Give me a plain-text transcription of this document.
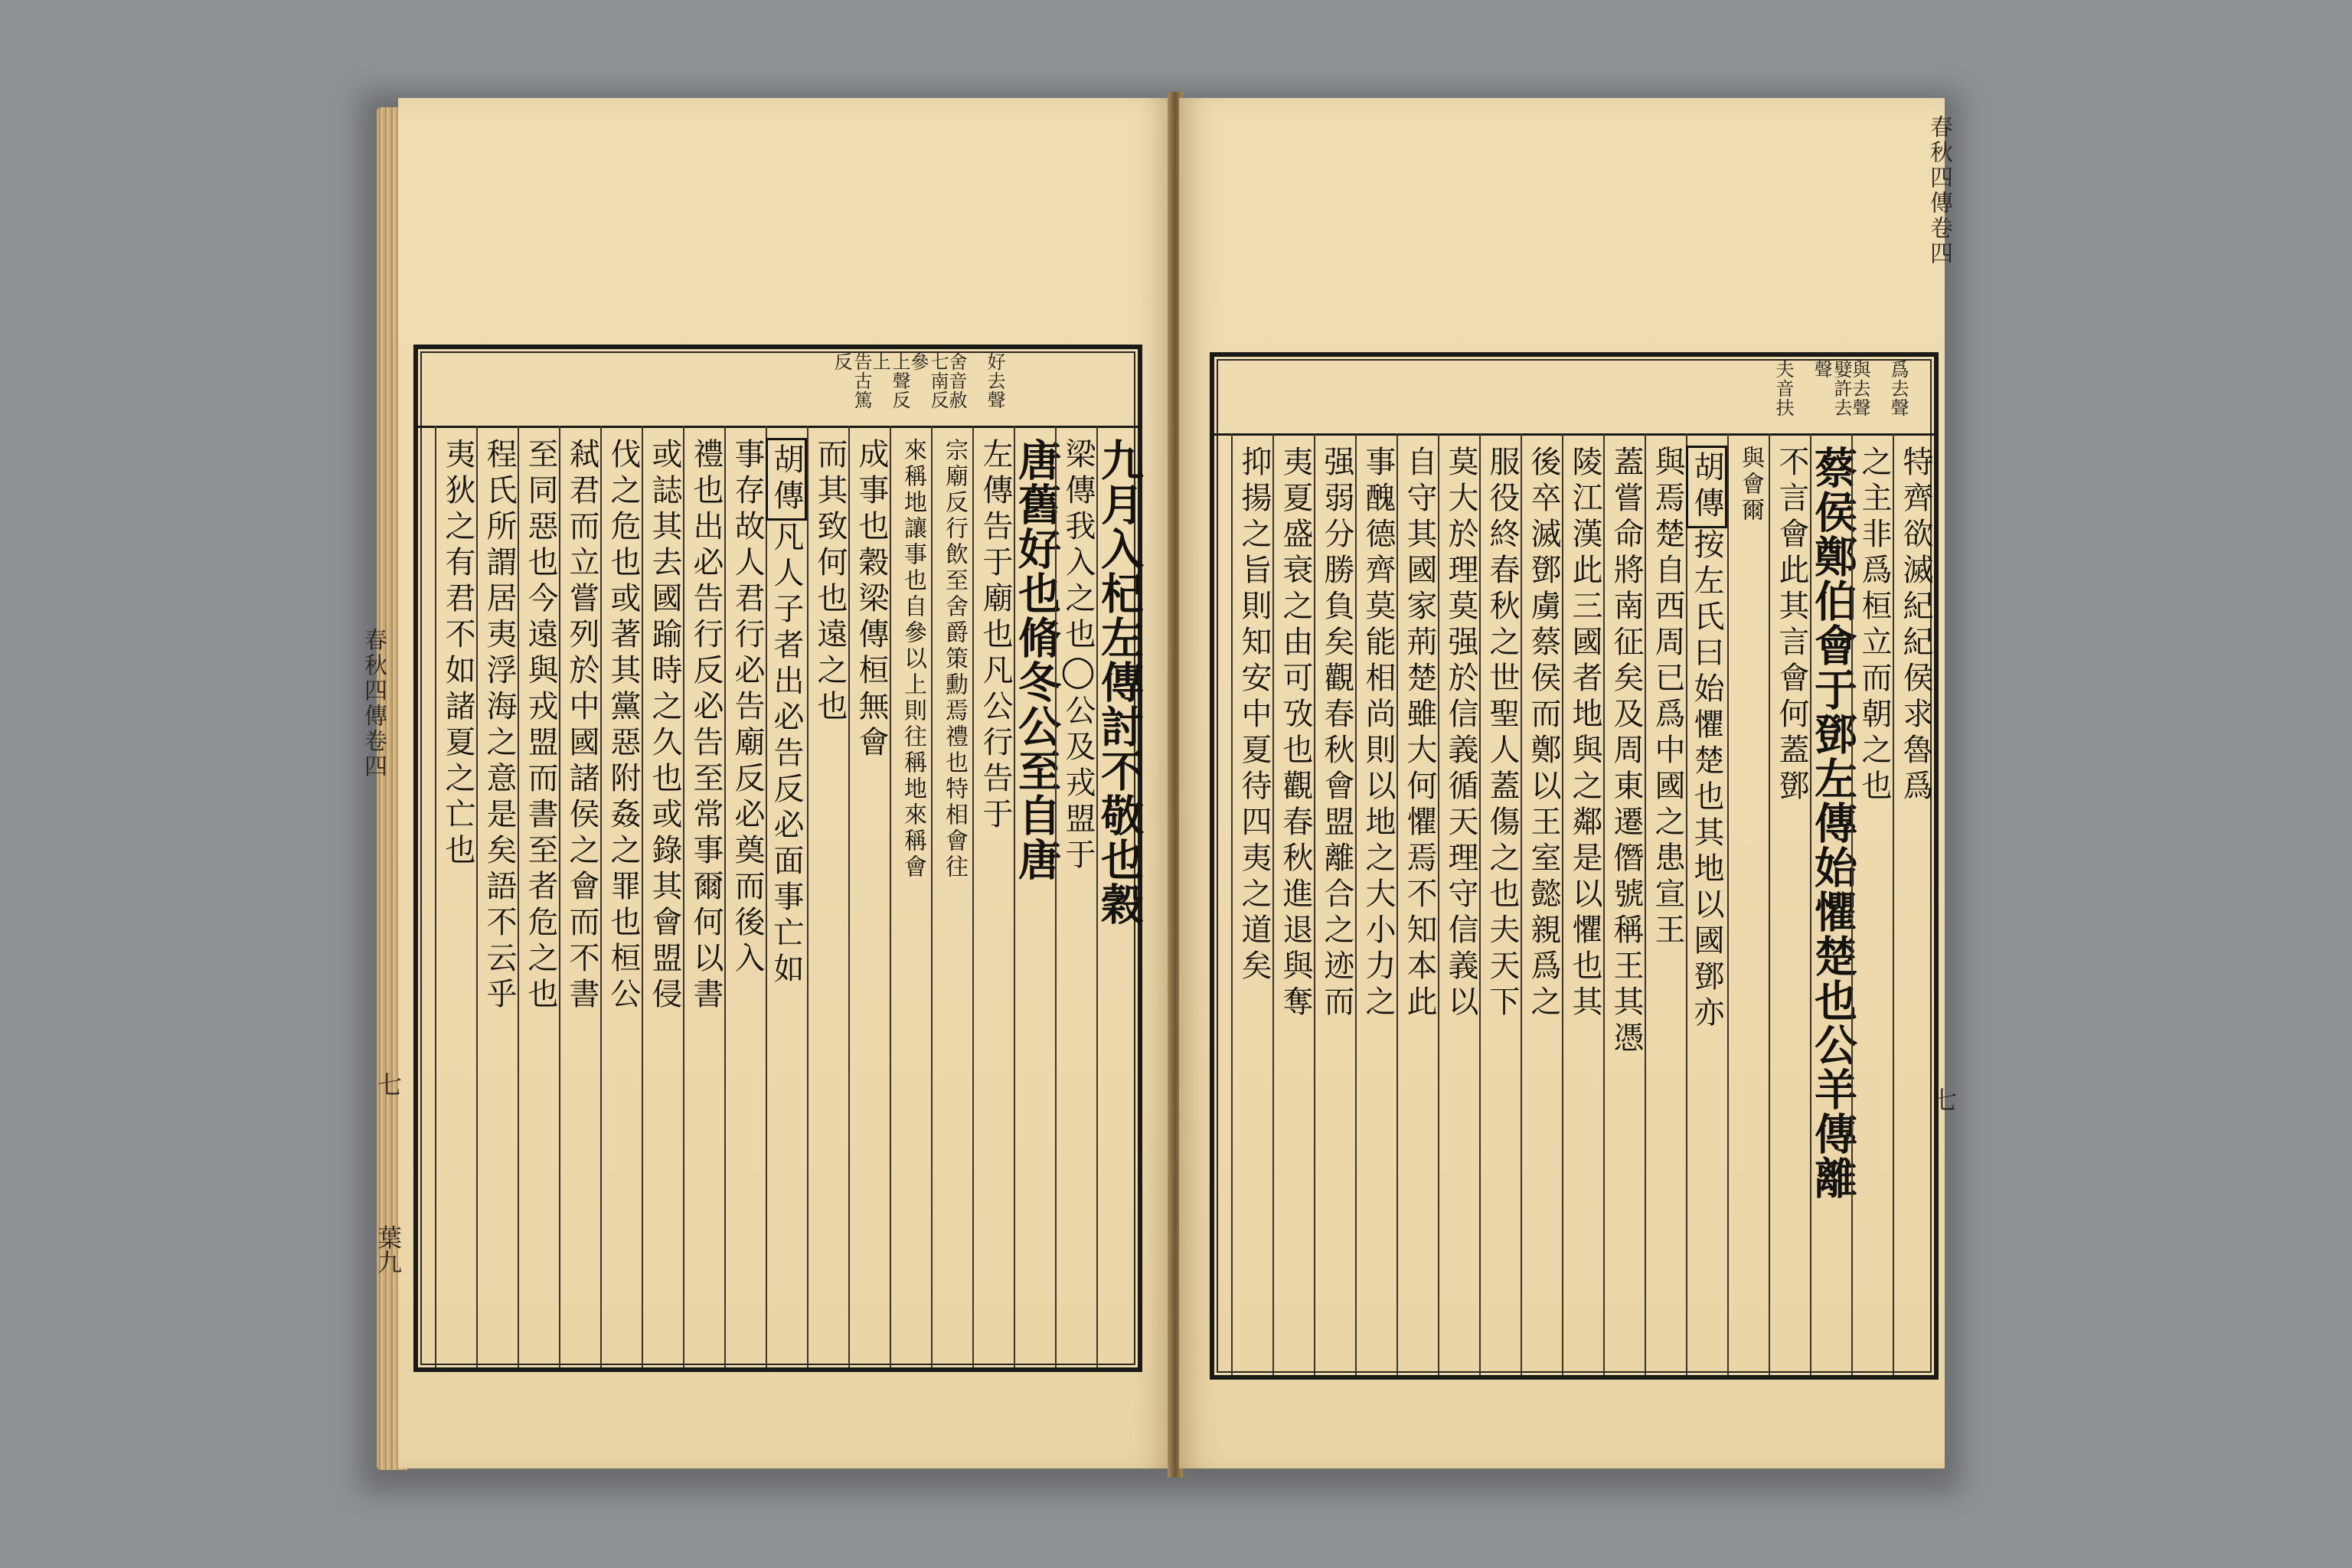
春秋四傳卷四
七
葉九
好去聲
舍音赦
七南反參
上聲反上
告古篤反
九月入杞左傳討不敬也穀
梁傳我入之也◯公及戎盟于
唐舊好也脩冬公至自唐
左傳告于廟也凡公行告于
宗廟反行飲至舍爵策勳焉禮也特相會往
來稱地讓事也自參以上則往稱地來稱會
成事也穀梁傳桓無會
而其致何也遠之也
胡傳凡人子者出必告反必面事亡如
事存故人君行必告廟反必奠而後入
禮也出必告行反必告至常事爾何以書
或誌其去國踰時之久也或錄其會盟侵
伐之危也或著其黨惡附姦之罪也桓公
弒君而立嘗列於中國諸侯之會而不書
至同惡也今遠與戎盟而書至者危之也
程氏所謂居夷浮海之意是矣語不云乎
夷狄之有君不如諸夏之亡也
春秋四傳卷四
七
爲去聲
與去聲
嬖許去聲
夫音扶
特齊欲滅紀紀侯求魯爲
之主非爲桓立而朝之也
蔡侯鄭伯會于鄧左傳始懼楚也公羊傳離
不言會此其言會何蓋鄧
與會爾
胡傳按左氏曰始懼楚也其地以國鄧亦
與焉楚自西周已爲中國之患宣王
蓋嘗命將南征矣及周東遷僭號稱王其憑
陵江漢此三國者地與之鄰是以懼也其
後卒滅鄧虜蔡侯而鄭以王室懿親爲之
服役終春秋之世聖人蓋傷之也夫天下
莫大於理莫强於信義循天理守信義以
自守其國家荊楚雖大何懼焉不知本此
事醜德齊莫能相尚則以地之大小力之
强弱分勝負矣觀春秋會盟離合之迹而
夷夏盛衰之由可攷也觀春秋進退與奪
抑揚之旨則知安中夏待四夷之道矣
